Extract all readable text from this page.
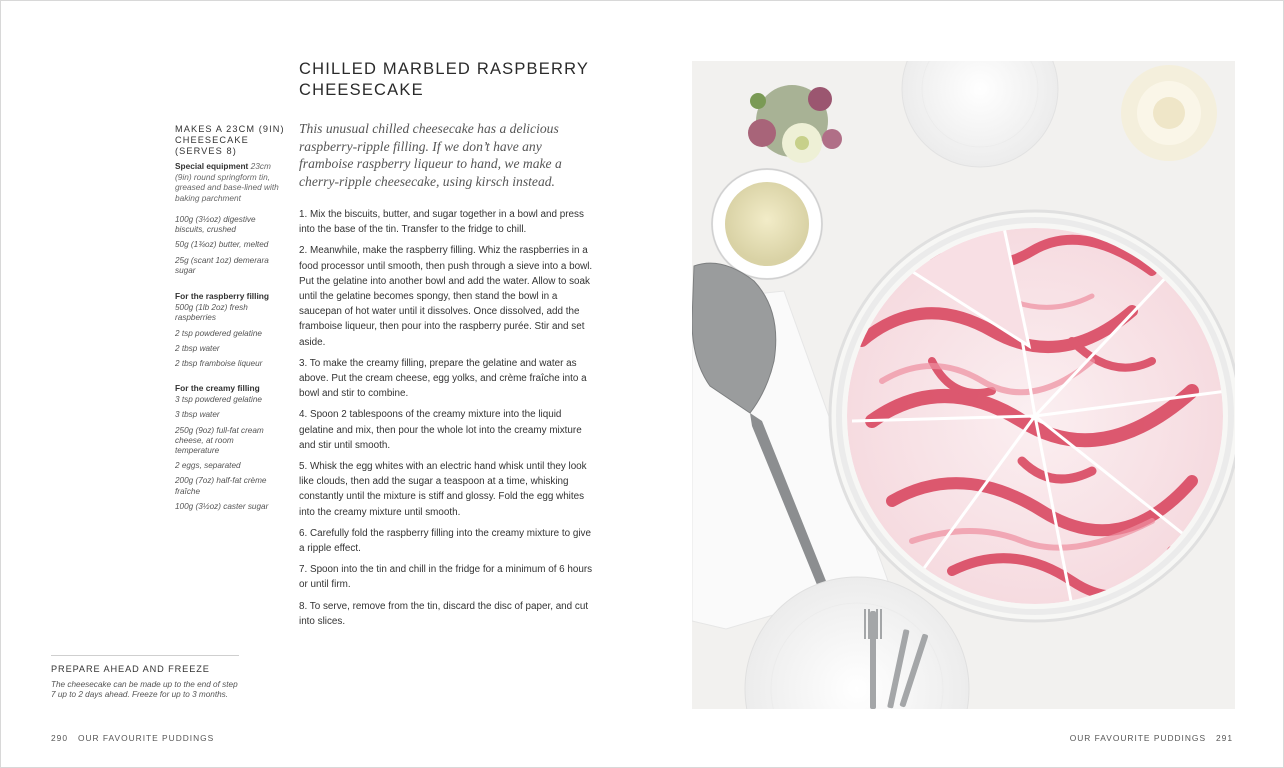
CHILLED MARBLED RASPBERRY
CHEESECAKE
MAKES A 23CM (9IN)
CHEESECAKE
(SERVES 8)
Special equipment 23cm (9in) round springform tin, greased and base-lined with baking parchment
100g (3½oz) digestive biscuits, crushed
50g (1¾oz) butter, melted
25g (scant 1oz) demerara sugar
For the raspberry filling
500g (1lb 2oz) fresh raspberries
2 tsp powdered gelatine
2 tbsp water
2 tbsp framboise liqueur
For the creamy filling
3 tsp powdered gelatine
3 tbsp water
250g (9oz) full-fat cream cheese, at room temperature
2 eggs, separated
200g (7oz) half-fat crème fraîche
100g (3½oz) caster sugar

This unusual chilled cheesecake has a delicious raspberry-ripple filling. If we don’t have any framboise raspberry liqueur to hand, we make a cherry-ripple cheesecake, using kirsch instead.

1. Mix the biscuits, butter, and sugar together in a bowl and press into the base of the tin. Transfer to the fridge to chill.

2. Meanwhile, make the raspberry filling. Whiz the raspberries in a food processor until smooth, then push through a sieve into a bowl. Put the gelatine into another bowl and add the water. Allow to soak until the gelatine becomes spongy, then stand the bowl in a saucepan of hot water until it dissolves. Once dissolved, add the framboise liqueur, then pour into the raspberry purée. Stir and set aside.

3. To make the creamy filling, prepare the gelatine and water as above. Put the cream cheese, egg yolks, and crème fraîche into a bowl and stir to combine.

4. Spoon 2 tablespoons of the creamy mixture into the liquid gelatine and mix, then pour the whole lot into the creamy mixture and stir until smooth.

5. Whisk the egg whites with an electric hand whisk until they look like clouds, then add the sugar a teaspoon at a time, whisking constantly until the mixture is stiff and glossy. Fold the egg whites into the creamy mixture until smooth.

6. Carefully fold the raspberry filling into the creamy mixture to give a ripple effect.

7. Spoon into the tin and chill in the fridge for a minimum of 6 hours or until firm.

8. To serve, remove from the tin, discard the disc of paper, and cut into slices.

PREPARE AHEAD AND FREEZE

The cheesecake can be made up to the end of step 7 up to 2 days ahead. Freeze for up to 3 months.

290   OUR FAVOURITE PUDDINGS	OUR FAVOURITE PUDDINGS   291
